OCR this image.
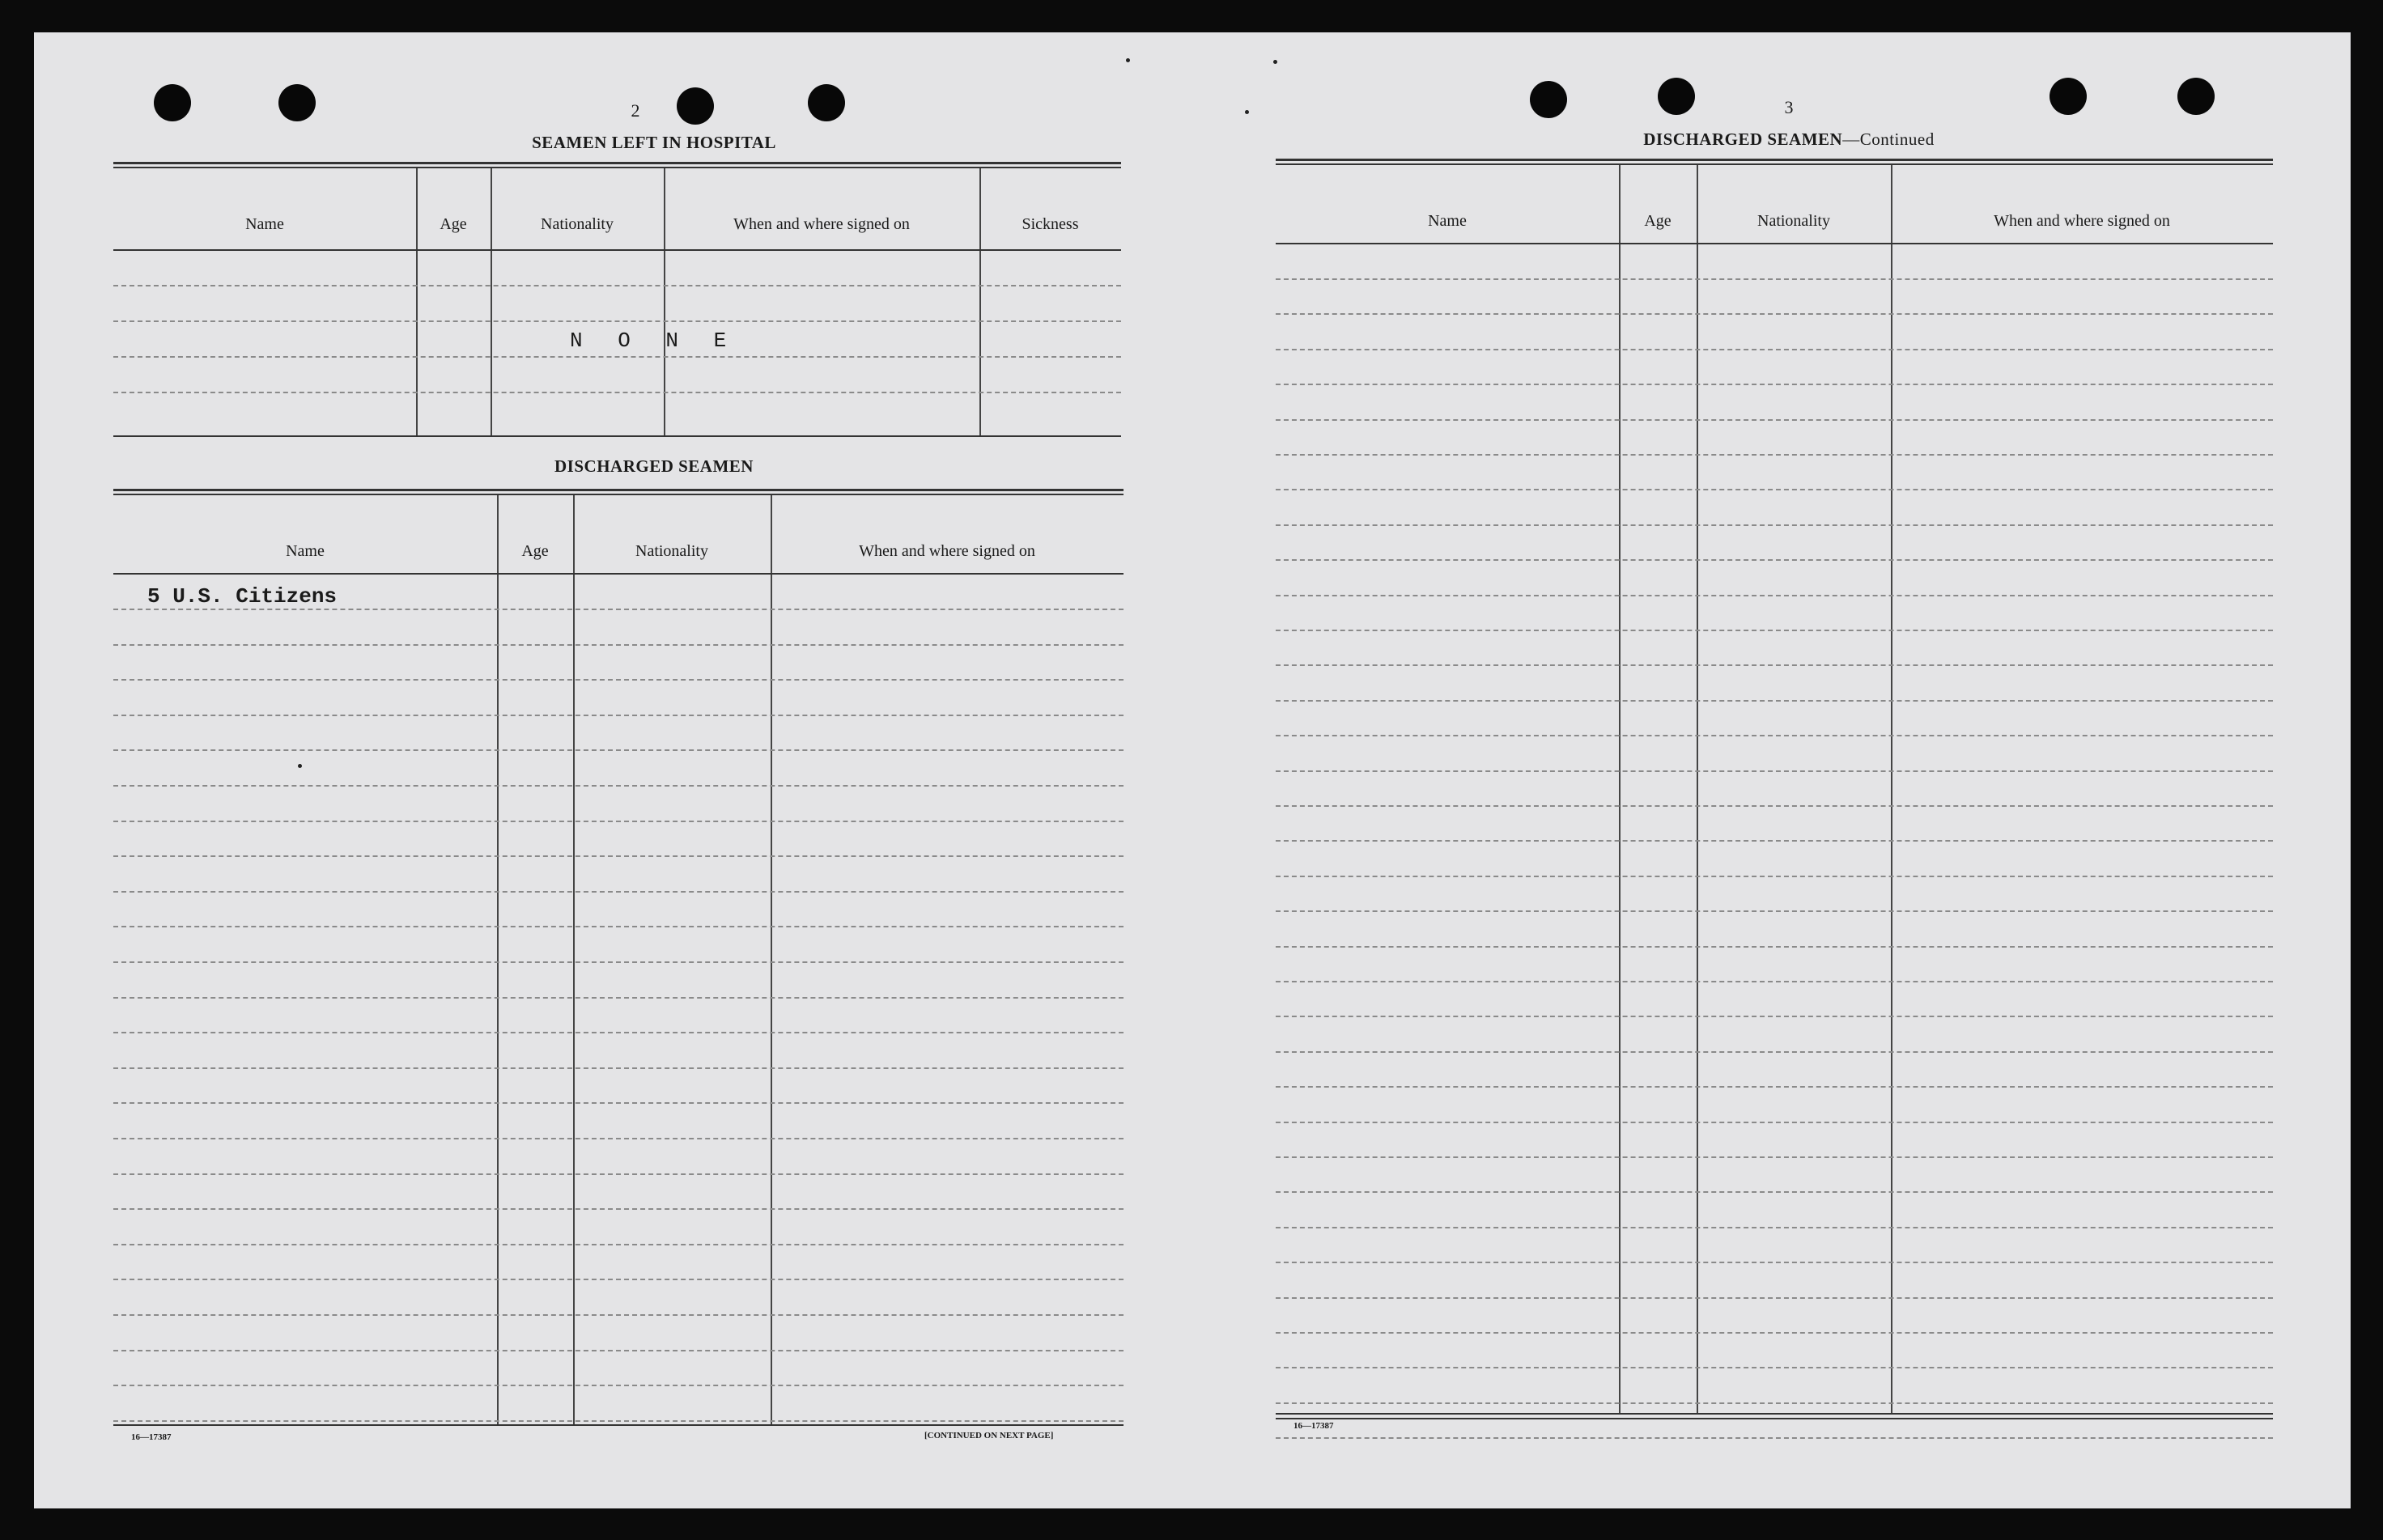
2
SEAMEN LEFT IN HOSPITAL
Name	Age	Nationality	When and where signed on	Sickness
N O N E
DISCHARGED SEAMEN
Name	Age	Nationality	When and where signed on
5 U.S. Citizens
16—17387	[CONTINUED ON NEXT PAGE]
3
DISCHARGED SEAMEN—Continued
Name	Age	Nationality	When and where signed on
16—17387
